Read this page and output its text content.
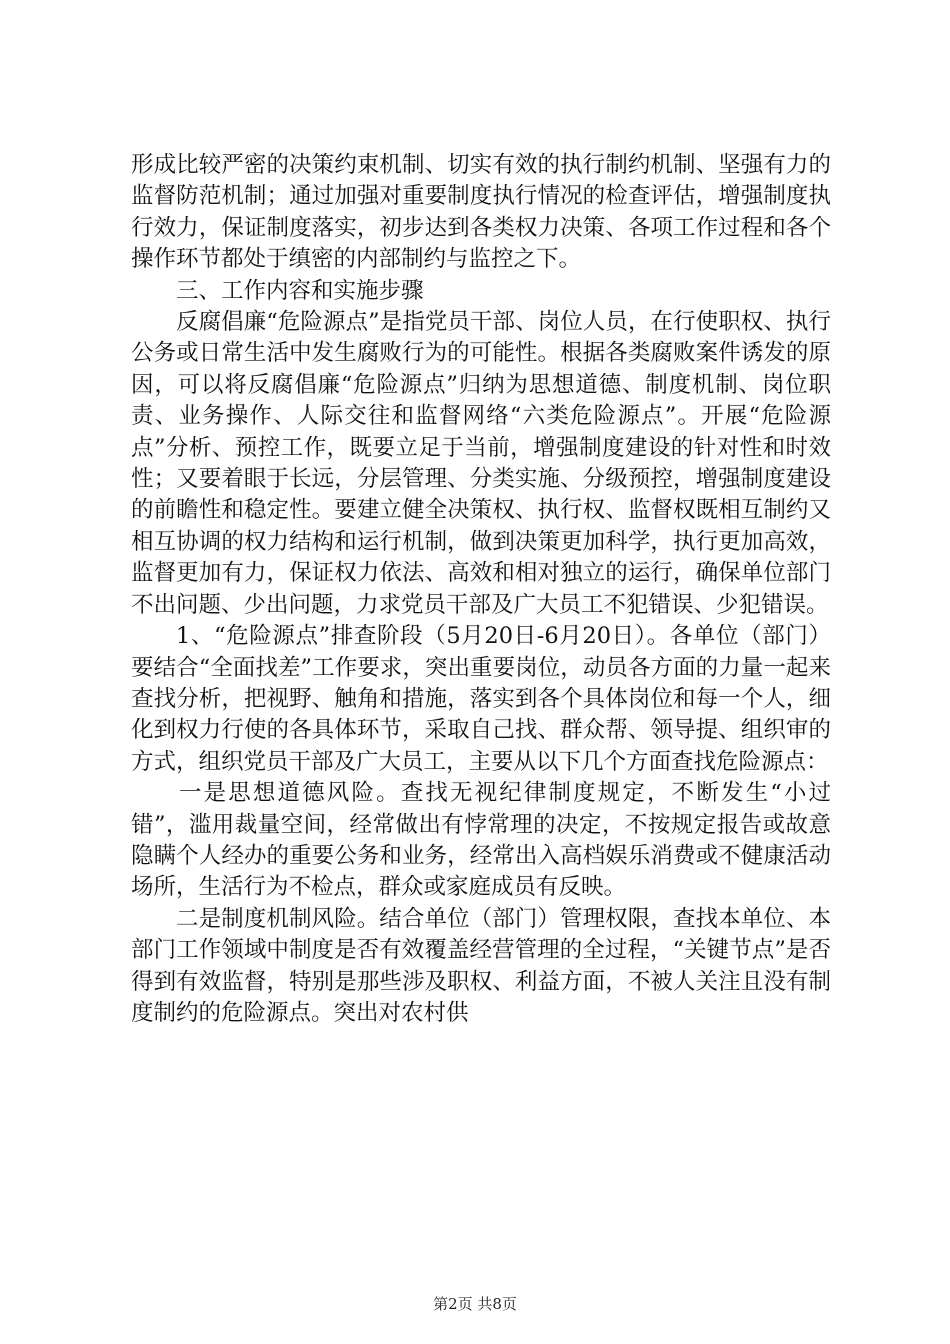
形成比较严密的决策约束机制、切实有效的执行制约机制、坚强有力的监督防范机制；通过加强对重要制度执行情况的检查评估，增强制度执行效力，保证制度落实，初步达到各类权力决策、各项工作过程和各个操作环节都处于缜密的内部制约与监控之下。

三、工作内容和实施步骤

反腐倡廉“危险源点”是指党员干部、岗位人员，在行使职权、执行公务或日常生活中发生腐败行为的可能性。根据各类腐败案件诱发的原因，可以将反腐倡廉“危险源点”归纳为思想道德、制度机制、岗位职责、业务操作、人际交往和监督网络“六类危险源点”。开展“危险源点”分析、预控工作，既要立足于当前，增强制度建设的针对性和时效性；又要着眼于长远，分层管理、分类实施、分级预控，增强制度建设的前瞻性和稳定性。要建立健全决策权、执行权、监督权既相互制约又相互协调的权力结构和运行机制，做到决策更加科学，执行更加高效，监督更加有力，保证权力依法、高效和相对独立的运行，确保单位部门不出问题、少出问题，力求党员干部及广大员工不犯错误、少犯错误。

1、“危险源点”排查阶段（5月20日-6月20日）。各单位（部门）要结合“全面找差”工作要求，突出重要岗位，动员各方面的力量一起来查找分析，把视野、触角和措施，落实到各个具体岗位和每一个人，细化到权力行使的各具体环节，采取自己找、群众帮、领导提、组织审的方式，组织党员干部及广大员工，主要从以下几个方面查找危险源点：

一是思想道德风险。查找无视纪律制度规定，不断发生“小过错”，滥用裁量空间，经常做出有悖常理的决定，不按规定报告或故意隐瞒个人经办的重要公务和业务，经常出入高档娱乐消费或不健康活动场所，生活行为不检点，群众或家庭成员有反映。

二是制度机制风险。结合单位（部门）管理权限，查找本单位、本部门工作领域中制度是否有效覆盖经营管理的全过程，“关键节点”是否得到有效监督，特别是那些涉及职权、利益方面，不被人关注且没有制度制约的危险源点。突出对农村供

第2页 共8页
